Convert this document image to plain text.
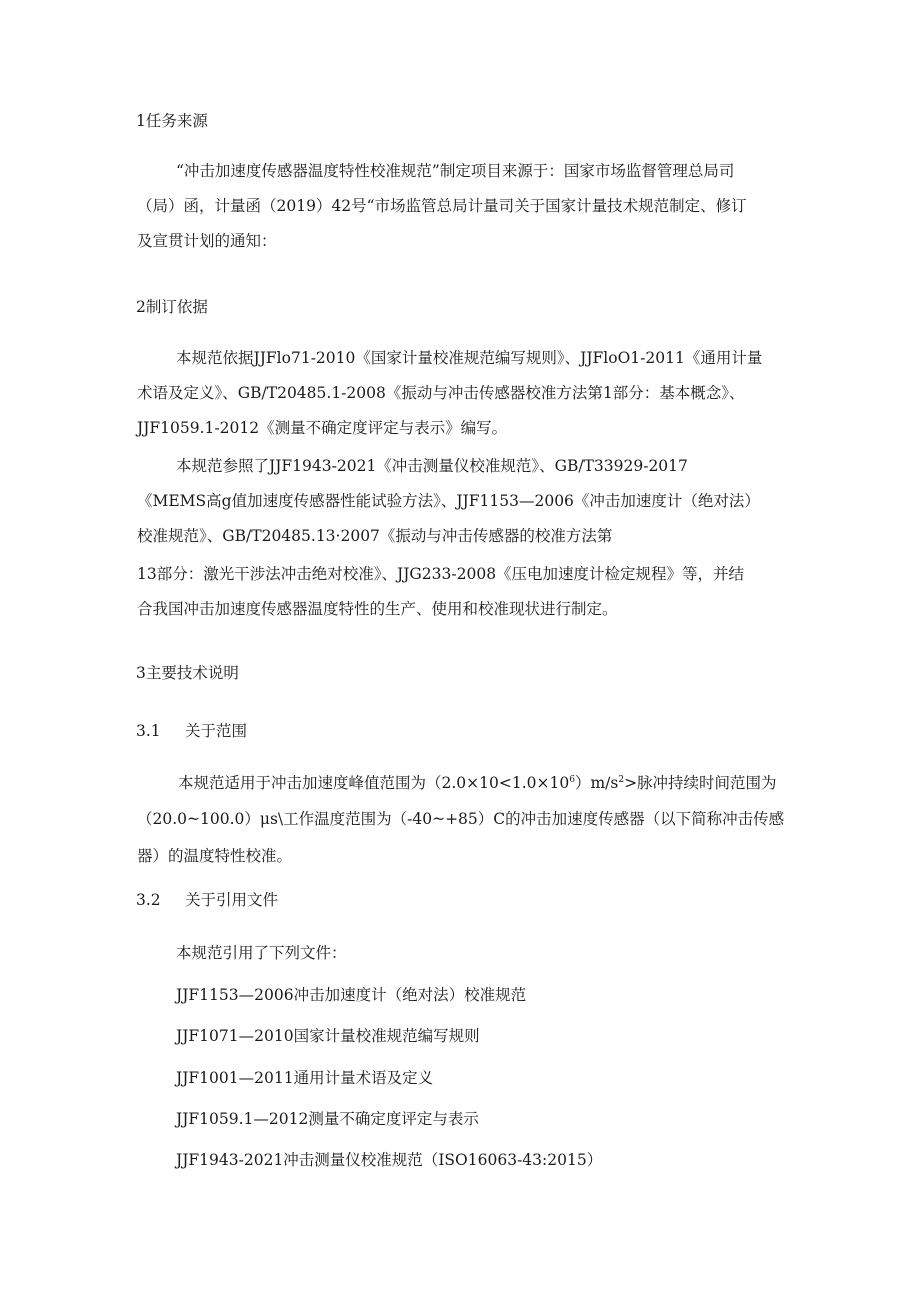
1任务来源
“冲击加速度传感器温度特性校准规范”制定项目来源于：国家市场监督管理总局司
（局）函，计量函（2019）42号“市场监管总局计量司关于国家计量技术规范制定、修订
及宣贯计划的通知：
2制订依据
本规范依据JJFlo71-2010《国家计量校准规范编写规则》、JJFloO1-2011《通用计量
术语及定义》、GB/T20485.1-2008《振动与冲击传感器校准方法第1部分：基本概念》、
JJF1059.1-2012《测量不确定度评定与表示》编写。
本规范参照了JJF1943-2021《冲击测量仪校准规范》、GB/T33929-2017
《MEMS高g值加速度传感器性能试验方法》、JJF1153—2006《冲击加速度计（绝对法）
校准规范》、GB/T20485.13·2007《振动与冲击传感器的校准方法第
13部分：激光干涉法冲击绝对校准》、JJG233-2008《压电加速度计检定规程》等，并结
合我国冲击加速度传感器温度特性的生产、使用和校准现状进行制定。
3主要技术说明
3.1 关于范围
本规范适用于冲击加速度峰值范围为$(2.0\times 10<1.0\times 10^6)m∕s^2>$脉冲持续时间范围为
（20.0~100.0）μs\工作温度范围为（-40~+85）C的冲击加速度传感器（以下简称冲击传感
器）的温度特性校准。
3.2 关于引用文件
本规范引用了下列文件：
JJF1153—2006冲击加速度计（绝对法）校准规范
JJF1071—2010国家计量校准规范编写规则
JJF1001—2011通用计量术语及定义
JJF1059.1—2012测量不确定度评定与表示
JJF1943-2021冲击测量仪校准规范（ISO16063-43:2015）
